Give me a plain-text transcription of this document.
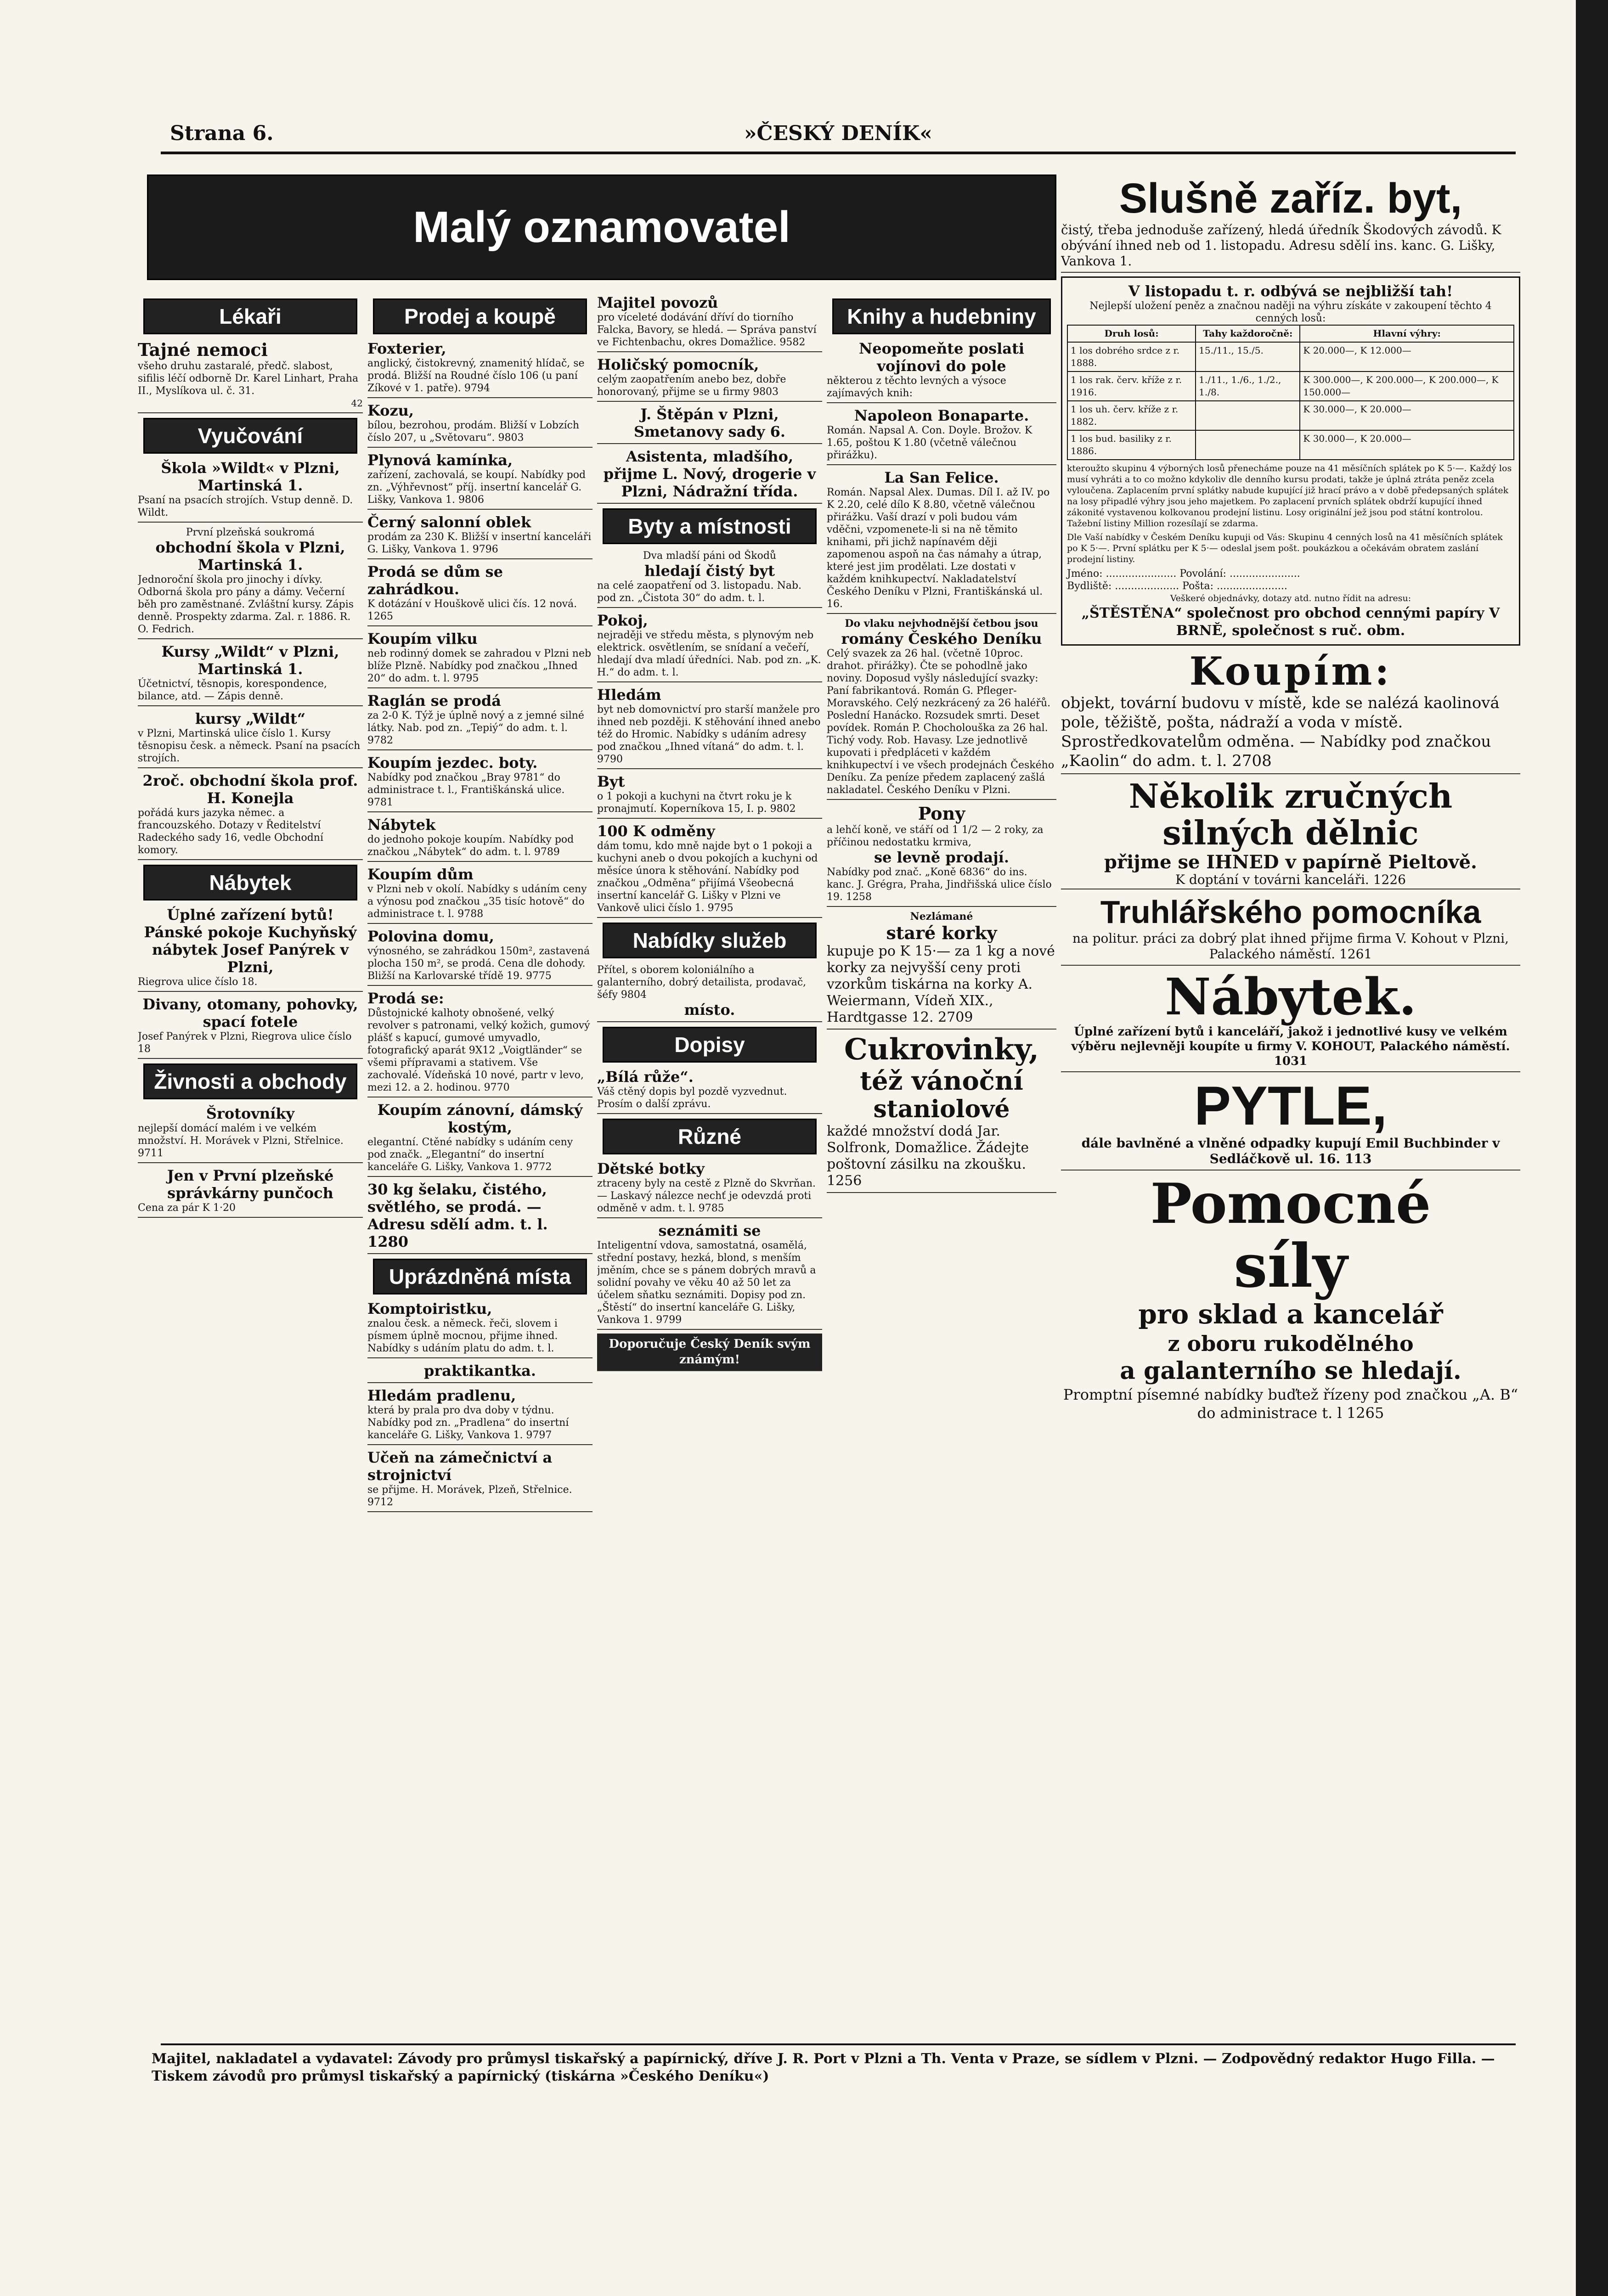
Strana 6.	»ČESKÝ DENÍK«
Malý oznamovatel
Lékaři
Tajné nemoci
všeho druhu zastaralé, předč. slabost, sifilis léčí odborně Dr. Karel Linhart, Praha II., Myslíkova ul. č. 31.
42
Vyučování
Škola »Wildt« v Plzni, Martinská 1.
Psaní na psacích strojích. Vstup denně. D. Wildt.
První plzeňská soukromá
obchodní škola v Plzni, Martinská 1.
Jednoroční škola pro jinochy i dívky. Odborná škola pro pány a dámy. Večerní běh pro zaměstnané. Zvláštní kursy. Zápis denně. Prospekty zdarma. Zal. r. 1886. R. O. Fedrich.
Kursy „Wildt“ v Plzni, Martinská 1.
Účetnictví, těsnopis, korespondence, bilance, atd. — Zápis denně.
kursy „Wildt“
v Plzni, Martinská ulice číslo 1. Kursy těsnopisu česk. a německ. Psaní na psacích strojích.
2roč. obchodní škola prof. H. Konejla
pořádá kurs jazyka němec. a francouzského. Dotazy v Ředitelství Radeckého sady 16, vedle Obchodní komory.
Nábytek
Úplné zařízení bytů! Pánské pokoje Kuchyňský nábytek Josef Panýrek v Plzni,
Riegrova ulice číslo 18.
Divany, otomany, pohovky, spací fotele
Josef Panýrek v Plzni, Riegrova ulice číslo 18
Živnosti a obchody
Šrotovníky
nejlepší domácí malém i ve velkém množství. H. Morávek v Plzni, Střelnice. 9711
Jen v První plzeňské správkárny punčoch
Cena za pár K 1·20
Prodej a koupě
Foxterier,
anglický, čistokrevný, znamenitý hlídač, se prodá. Bližší na Roudné číslo 106 (u paní Zíkové v 1. patře). 9794
Kozu,
bílou, bezrohou, prodám. Bližší v Lobzích číslo 207, u „Světovaru“. 9803
Plynová kamínka,
zařízení, zachovalá, se koupí. Nabídky pod zn. „Výhřevnost“ příj. insertní kancelář G. Lišky, Vankova 1. 9806
Černý salonní oblek
prodám za 230 K. Bližší v insertní kanceláři G. Lišky, Vankova 1. 9796
Prodá se dům se zahrádkou.
K dotázání v Houškově ulici čís. 12 nová. 1265
Koupím vilku
neb rodinný domek se zahradou v Plzni neb blíže Plzně. Nabídky pod značkou „Ihned 20“ do adm. t. l. 9795
Raglán se prodá
za 2-0 K. Týž je úplně nový a z jemné silné látky. Nab. pod zn. „Tepiý“ do adm. t. l. 9782
Koupím jezdec. boty.
Nabídky pod značkou „Bray 9781“ do administrace t. l., Františkánská ulice. 9781
Nábytek
do jednoho pokoje koupím. Nabídky pod značkou „Nábytek“ do adm. t. l. 9789
Koupím dům
v Plzni neb v okolí. Nabídky s udáním ceny a výnosu pod značkou „35 tisíc hotově“ do administrace t. l. 9788
Polovina domu,
výnosného, se zahrádkou 150m², zastavená plocha 150 m², se prodá. Cena dle dohody. Bližší na Karlovarské třídě 19. 9775
Prodá se:
Důstojnické kalhoty obnošené, velký revolver s patronami, velký kožich, gumový plášť s kapucí, gumové umyvadlo, fotografický aparát 9X12 „Voigtländer“ se všemi přípravami a stativem. Vše zachovalé. Vídeňská 10 nové, partr v levo, mezi 12. a 2. hodinou. 9770
Koupím zánovní, dámský kostým,
elegantní. Ctěné nabídky s udáním ceny pod značk. „Elegantní“ do insertní kanceláře G. Lišky, Vankova 1. 9772
30 kg šelaku, čistého, světlého, se prodá. — Adresu sdělí adm. t. l. 1280
Uprázdněná místa
Komptoiristku,
znalou česk. a německ. řeči, slovem i písmem úplně mocnou, přijme ihned. Nabídky s udáním platu do adm. t. l.
praktikantka.
Hledám pradlenu,
která by prala pro dva doby v týdnu. Nabídky pod zn. „Pradlena“ do insertní kanceláře G. Lišky, Vankova 1. 9797
Učeň na zámečnictví a strojnictví
se přijme. H. Morávek, Plzeň, Střelnice. 9712
Majitel povozů
pro víceleté dodávání dříví do tiorního Falcka, Bavory, se hledá. — Správa panství ve Fichtenbachu, okres Domažlice. 9582
Holičský pomocník,
celým zaopatřením anebo bez, dobře honorovaný, přijme se u firmy 9803
J. Štěpán v Plzni, Smetanovy sady 6.
Asistenta, mladšího, přijme L. Nový, drogerie v Plzni, Nádražní třída.
Byty a místnosti
Dva mladší páni od Škodů
hledají čistý byt
na celé zaopatření od 3. listopadu. Nab. pod zn. „Čistota 30“ do adm. t. l.
Pokoj,
nejraději ve středu města, s plynovým neb elektrick. osvětlením, se snídaní a večeří, hledají dva mladí úředníci. Nab. pod zn. „K. H.“ do adm. t. l.
Hledám
byt neb domovnictví pro starší manžele pro ihned neb později. K stěhování ihned anebo též do Hromic. Nabídky s udáním adresy pod značkou „Ihned vítaná“ do adm. t. l. 9790
Byt
o 1 pokoji a kuchyni na čtvrt roku je k pronajmutí. Koperníkova 15, I. p. 9802
100 K odměny
dám tomu, kdo mně najde byt o 1 pokoji a kuchyni aneb o dvou pokojích a kuchyni od měsíce února k stěhování. Nabídky pod značkou „Odměna“ přijímá Všeobecná insertní kancelář G. Lišky v Plzni ve Vankově ulici číslo 1. 9795
Nabídky služeb
Přítel, s oborem koloniálního a galanterního, dobrý detailista, prodavač, šéfy 9804
místo.
Dopisy
„Bílá růže“.
Váš ctěný dopis byl pozdě vyzvednut. Prosím o další zprávu.
Různé
Dětské botky
ztraceny byly na cestě z Plzně do Skvrňan. — Laskavý nálezce nechť je odevzdá proti odměně v adm. t. l. 9785
seznámiti se
Inteligentní vdova, samostatná, osamělá, střední postavy, hezká, blond, s menším jměním, chce se s pánem dobrých mravů a solidní povahy ve věku 40 až 50 let za účelem sňatku seznámiti. Dopisy pod zn. „Štěstí“ do insertní kanceláře G. Lišky, Vankova 1. 9799
Doporučuje Český Deník svým známým!
Knihy a hudebniny
Neopomeňte poslati vojínovi do pole
některou z těchto levných a výsoce zajímavých knih:
Napoleon Bonaparte.
Román. Napsal A. Con. Doyle. Brožov. K 1.65, poštou K 1.80 (včetně válečnou přirážku).
La San Felice.
Román. Napsal Alex. Dumas. Díl I. až IV. po K 2.20, celé dílo K 8.80, včetně válečnou přirážku. Vaší drazí v poli budou vám vděčni, vzpomenete-li si na ně těmito knihami, při jichž napínavém ději zapomenou aspoň na čas námahy a útrap, které jest jim prodělati. Lze dostati v každém knihkupectví. Nakladatelství Českého Deníku v Plzni, Františkánská ul. 16.
Do vlaku nejvhodnější četbou jsou
romány Českého Deníku
Celý svazek za 26 hal. (včetně 10proc. drahot. přirážky). Čte se pohodlně jako noviny. Doposud vyšly následující svazky: Paní fabrikantová. Román G. Pfleger-Moravského. Celý nezkrácený za 26 haléřů. Poslední Hanácko. Rozsudek smrti. Deset povídek. Román P. Chocholouška za 26 hal. Tichý vody. Rob. Havasy. Lze jednotlivě kupovati i předpláceti v každém knihkupectví i ve všech prodejnách Českého Deníku. Za peníze předem zaplacený zašlá nakladatel. Českého Deníku v Plzni.
Pony
a lehčí koně, ve stáří od 1 1/2 — 2 roky, za příčinou nedostatku krmiva,
se levně prodají.
Nabídky pod znač. „Koně 6836“ do ins. kanc. J. Grégra, Praha, Jindřišská ulice číslo 19. 1258
Nezlámané
staré korky
kupuje po K 15·— za 1 kg a nové korky za nejvyšší ceny proti vzorkům tiskárna na korky A. Weiermann, Vídeň XIX., Hardtgasse 12. 2709
Cukrovinky,
též vánoční
staniolové
každé množství dodá Jar. Solfronk, Domažlice. Žádejte poštovní zásilku na zkoušku. 1256
Slušně zaříz. byt,
čistý, třeba jednoduše zařízený, hledá úředník Škodových závodů. K obývání ihned neb od 1. listopadu. Adresu sdělí ins. kanc. G. Lišky, Vankova 1.
V listopadu t. r. odbývá se nejbližší tah!
Nejlepší uložení peněz a značnou naději na výhru získáte v zakoupení těchto 4 cenných losů:
Druh losů:	Tahy každoročně:	Hlavní výhry:
1 los dobrého srdce z r. 1888.	15./11., 15./5.	K 20.000—, K 12.000—
1 los rak. červ. kříže z r. 1916.	1./11., 1./6., 1./2., 1./8.	K 300.000—, K 200.000—, K 200.000—, K 150.000—
1 los uh. červ. kříže z r. 1882.		K 30.000—, K 20.000—
1 los bud. basiliky z r. 1886.		K 30.000—, K 20.000—
kteroužto skupinu 4 výborných losů přenecháme pouze na 41 měsíčních splátek po K 5·—. Každý los musí vyhráti a to co možno kdykoliv dle denního kursu prodati, takže je úplná ztráta peněz zcela vyloučena. Zaplacením první splátky nabude kupující již hrací právo a v době předepsaných splátek na losy připadlé výhry jsou jeho majetkem. Po zaplacení prvních splátek obdrží kupující ihned zákonité vystavenou kolkovanou prodejní listinu. Losy originální jež jsou pod státní kontrolou. Tažební listiny Million rozesílají se zdarma.
Dle Vaší nabídky v Českém Deníku kupuji od Vás: Skupinu 4 cenných losů na 41 měsíčních splátek po K 5·—. První splátku per K 5·— odeslal jsem pošt. poukázkou a očekávám obratem zaslání prodejní listiny.
Jméno: ...................... Povolání: ......................
Bydliště: .................... Pošta: ......................
Veškeré objednávky, dotazy atd. nutno řídit na adresu:
„ŠTĚSTĚNA“ společnost pro obchod cennými papíry V BRNĚ, společnost s ruč. obm.
Koupím:
objekt, tovární budovu v místě, kde se nalézá kaolinová pole, těžiště, pošta, nádraží a voda v místě. Sprostředkovatelům odměna. — Nabídky pod značkou „Kaolin“ do adm. t. l. 2708
Několik zručných silných dělnic
přijme se IHNED v papírně Pieltově.
K doptání v továrni kanceláři. 1226
Truhlářského pomocníka
na politur. práci za dobrý plat ihned přijme firma V. Kohout v Plzni, Palackého náměstí. 1261
Nábytek.
Úplné zařízení bytů i kanceláří, jakož i jednotlivé kusy ve velkém výběru nejlevněji koupíte u firmy V. KOHOUT, Palackého náměstí. 1031
PYTLE,
dále bavlněné a vlněné odpadky kupují Emil Buchbinder v Sedláčkově ul. 16. 113
Pomocné
síly
pro sklad a kancelář
z oboru rukodělného
a galanterního se hledají.
Promptní písemné nabídky buďtež řízeny pod značkou „A. B“ do administrace t. l 1265
Majitel, nakladatel a vydavatel: Závody pro průmysl tiskařský a papírnický, dříve J. R. Port v Plzni a Th. Venta v Praze, se sídlem v Plzni. — Zodpovědný redaktor Hugo Filla. — Tiskem závodů pro průmysl tiskařský a papírnický (tiskárna »Českého Deníku«)
